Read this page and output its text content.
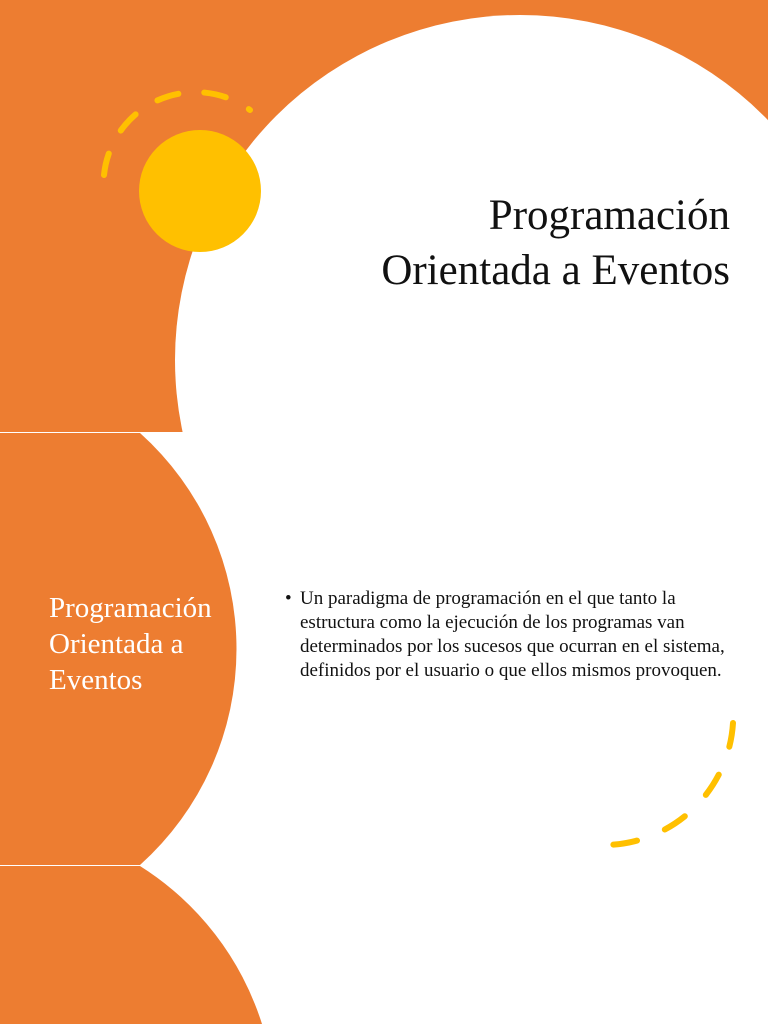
Programación
Orientada a Eventos
Programación
Orientada a
Eventos
• Un paradigma de programación en el que tanto la estructura como la ejecución de los programas van determinados por los sucesos que ocurran en el sistema, definidos por el usuario o que ellos mismos provoquen.
